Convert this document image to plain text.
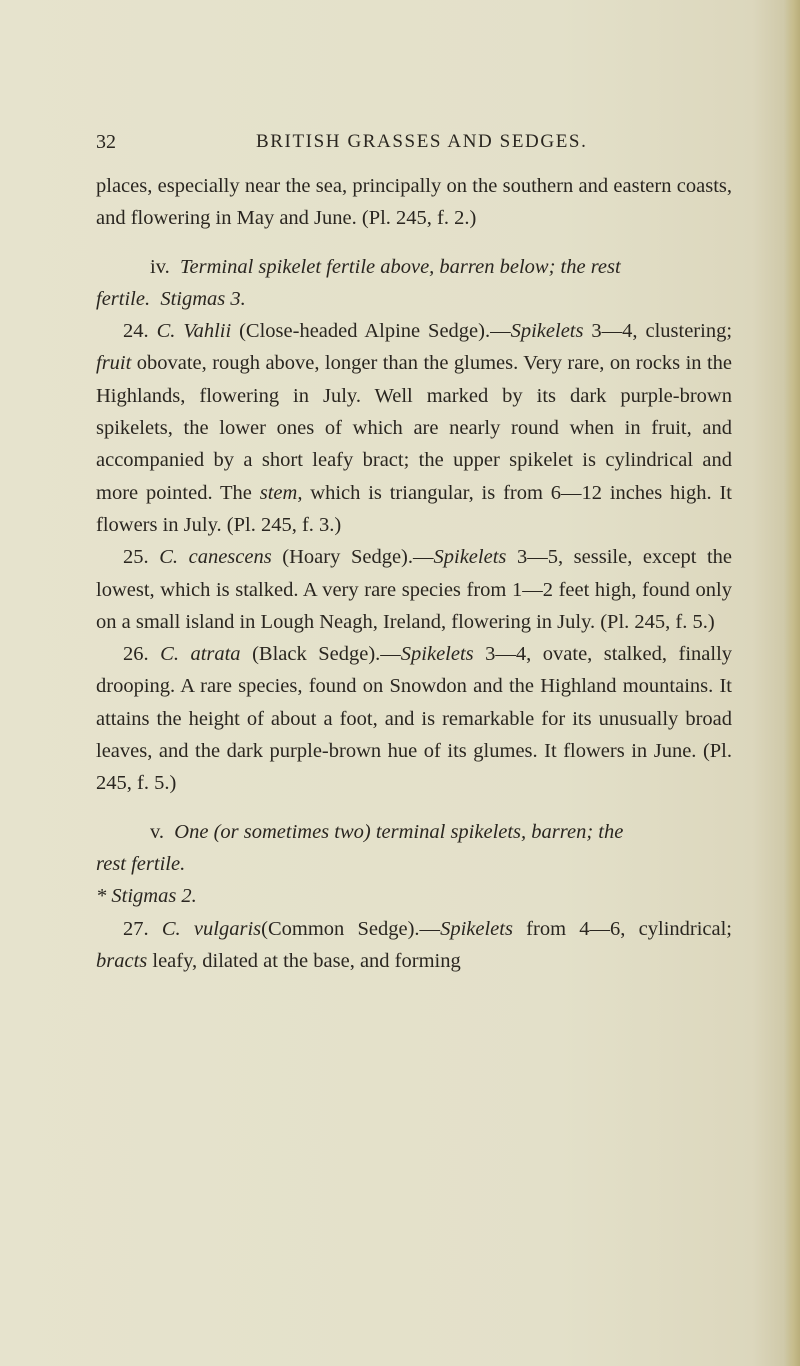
32	BRITISH GRASSES AND SEDGES.

places, especially near the sea, principally on the southern and eastern coasts, and flowering in May and June. (Pl. 245, f. 2.)

iv. Terminal spikelet fertile above, barren below; the rest

fertile. Stigmas 3.

24. C. Vahlii (Close-headed Alpine Sedge).—Spikelets 3—4, clustering; fruit obovate, rough above, longer than the glumes. Very rare, on rocks in the Highlands, flowering in July. Well marked by its dark purple-brown spikelets, the lower ones of which are nearly round when in fruit, and accompanied by a short leafy bract; the upper spikelet is cylindrical and more pointed. The stem, which is triangular, is from 6—12 inches high. It flowers in July. (Pl. 245, f. 3.)

25. C. canescens (Hoary Sedge).—Spikelets 3—5, sessile, except the lowest, which is stalked. A very rare species from 1—2 feet high, found only on a small island in Lough Neagh, Ireland, flowering in July. (Pl. 245, f. 5.)

26. C. atrata (Black Sedge).—Spikelets 3—4, ovate, stalked, finally drooping. A rare species, found on Snowdon and the Highland mountains. It attains the height of about a foot, and is remarkable for its unusually broad leaves, and the dark purple-brown hue of its glumes. It flowers in June. (Pl. 245, f. 5.)

v. One (or sometimes two) terminal spikelets, barren; the

rest fertile.

* Stigmas 2.

27. C. vulgaris(Common Sedge).—Spikelets from 4—6, cylindrical; bracts leafy, dilated at the base, and forming
